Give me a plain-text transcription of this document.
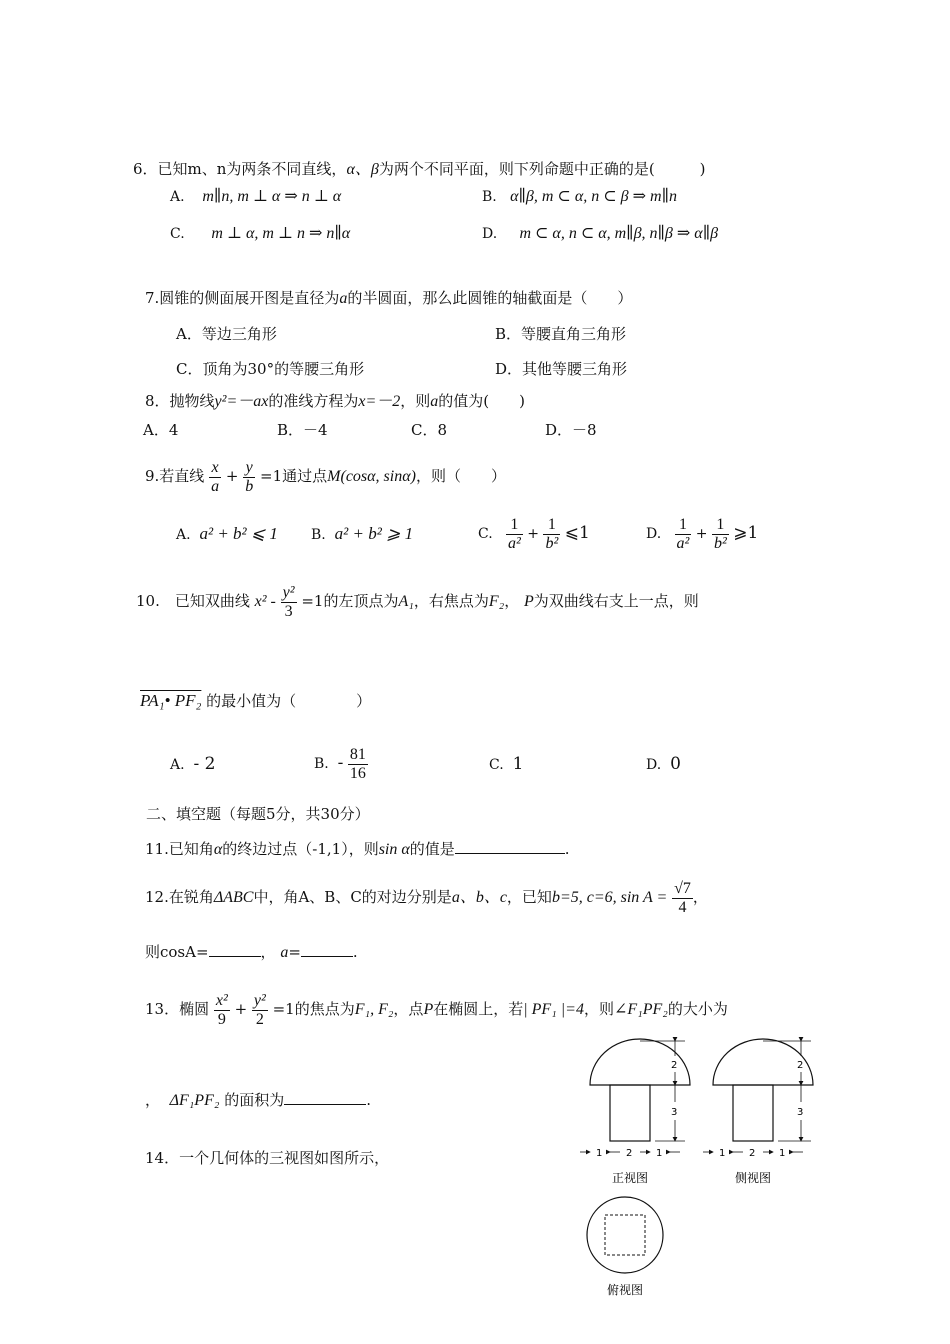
6．已知m、n为两条不同直线，α、β为两个不同平面，则下列命题中正确的是(　　　)
A. m∥n, m ⊥ α ⇒ n ⊥ α	B. α∥β, m ⊂ α, n ⊂ β ⇒ m∥n
C. m ⊥ α, m ⊥ n ⇒ n∥α	D. m ⊂ α, n ⊂ α, m∥β, n∥β ⇒ α∥β
7.圆锥的侧面展开图是直径为a的半圆面，那么此圆锥的轴截面是（　　）
A．等边三角形	B．等腰直角三角形
C．顶角为30°的等腰三角形	D．其他等腰三角形
8．抛物线y²=－ax的准线方程为x=－2，则a的值为(　　)
A．4	B．－4	C．8	D．－8
9.若直线 $\frac{x}{a} + \frac{y}{b} =1$通过点M(cosα, sinα)，则（　　）
A. a² + b² ⩽ 1 B. a² + b² ⩾ 1	C. $\frac{1}{\text{a²}} + \frac{1}{\text{b²}}$ ⩽1	D. $\frac{1}{\text{a²}} + \frac{1}{\text{b²}}$ ⩾1
10.　已知双曲线 $x^2 - \frac{\text{y²}}{3} =1$的左顶点为A₁，右焦点为F₂， P为双曲线右支上一点，则
PA₁• PF₂ 的最小值为（　　　　）
A. - 2	B. - $\frac{81}{16}$	C. 1	D. 0
二、填空题（每题5分，共30分）
11.已知角α的终边过点（-1,1），则sin α的值是	.
12.在锐角ΔABC中，角A、B、C的对边分别是a、b、c，已知b=5, c=6, $\sin A = \frac{√7}{4}$ ，
则cosA=	， a=	.
13．椭圆 $\frac{\text{x²}}{9} + \frac{\text{y²}}{2} =1$的焦点为F₁, F₂，点P在椭圆上，若| PF₁ |=4，则∠F₁PF₂的大小为
， ΔF₁PF₂ 的面积为	.
14．一个几何体的三视图如图所示，
2
3
1 2 1
正视图
2
3
1 2 1
侧视图
俯视图
